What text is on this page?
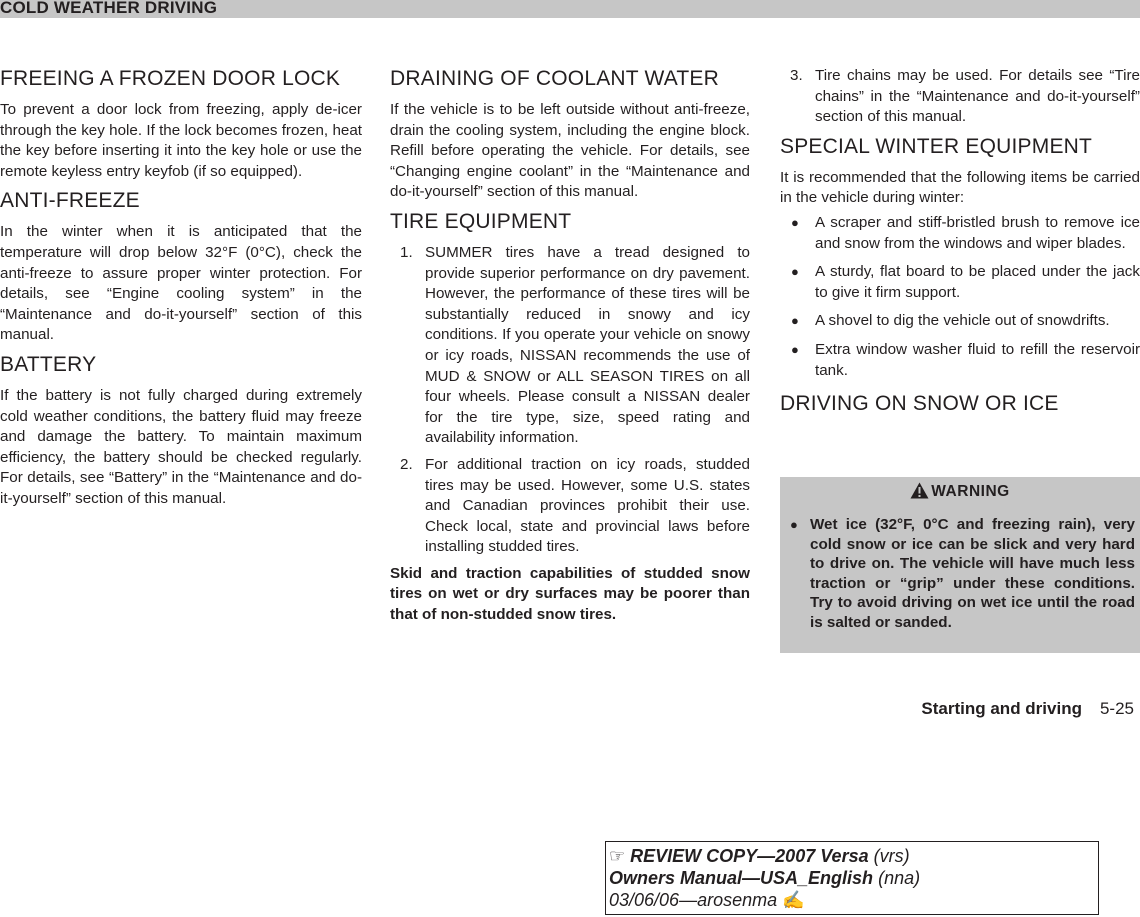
COLD WEATHER DRIVING
FREEING A FROZEN DOOR LOCK

To prevent a door lock from freezing, apply de-icer through the key hole. If the lock becomes frozen, heat the key before inserting it into the key hole or use the remote keyless entry keyfob (if so equipped).

ANTI-FREEZE

In the winter when it is anticipated that the temperature will drop below 32°F (0°C), check the anti-freeze to assure proper winter protection. For details, see “Engine cooling system” in the “Maintenance and do-it-yourself” section of this manual.

BATTERY

If the battery is not fully charged during extremely cold weather conditions, the battery fluid may freeze and damage the battery. To maintain maximum efficiency, the battery should be checked regularly. For details, see “Battery” in the “Maintenance and do-it-yourself” section of this manual.

DRAINING OF COOLANT WATER

If the vehicle is to be left outside without anti-freeze, drain the cooling system, including the engine block. Refill before operating the vehicle. For details, see “Changing engine coolant” in the “Maintenance and do-it-yourself” section of this manual.

TIRE EQUIPMENT
1. SUMMER tires have a tread designed to provide superior performance on dry pavement. However, the performance of these tires will be substantially reduced in snowy and icy conditions. If you operate your vehicle on snowy or icy roads, NISSAN recommends the use of MUD & SNOW or ALL SEASON TIRES on all four wheels. Please consult a NISSAN dealer for the tire type, size, speed rating and availability information.
2. For additional traction on icy roads, studded tires may be used. However, some U.S. states and Canadian provinces prohibit their use. Check local, state and provincial laws before installing studded tires.

Skid and traction capabilities of studded snow tires on wet or dry surfaces may be poorer than that of non-studded snow tires.

3. Tire chains may be used. For details see “Tire chains” in the “Maintenance and do-it-yourself” section of this manual.
SPECIAL WINTER EQUIPMENT

It is recommended that the following items be carried in the vehicle during winter:

● A scraper and stiff-bristled brush to remove ice and snow from the windows and wiper blades.
● A sturdy, flat board to be placed under the jack to give it firm support.
● A shovel to dig the vehicle out of snowdrifts.
● Extra window washer fluid to refill the reservoir tank.
DRIVING ON SNOW OR ICE
WARNING
● Wet ice (32°F, 0°C and freezing rain), very cold snow or ice can be slick and very hard to drive on. The vehicle will have much less traction or “grip” under these conditions. Try to avoid driving on wet ice until the road is salted or sanded.
Starting and driving 5-25
☞ REVIEW COPY—2007 Versa (vrs)
Owners Manual—USA_English (nna)
03/06/06—arosenma ✍
